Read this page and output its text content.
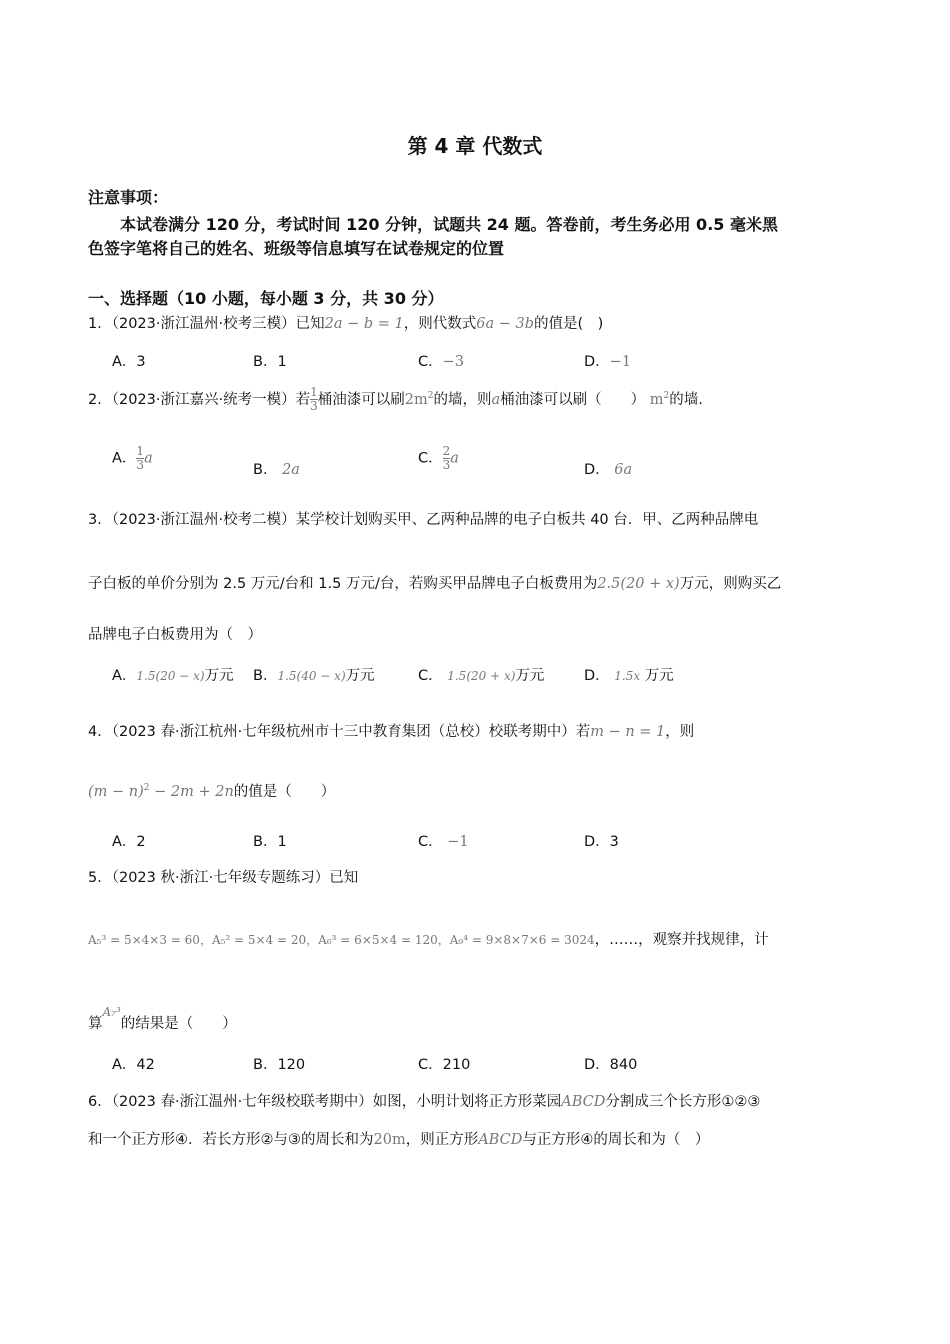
第 4 章 代数式
注意事项：
本试卷满分 120 分，考试时间 120 分钟，试题共 24 题。答卷前，考生务必用 0.5 毫米黑
色签字笔将自己的姓名、班级等信息填写在试卷规定的位置
一、选择题（10 小题，每小题 3 分，共 30 分）
1．（2023·浙江温州·校考三模）已知2a − b = 1，则代数式6a − 3b的值是(　)
A．3	B．1	C．−3	D．−1
2．（2023·浙江嘉兴·统考一模）若 $\frac{1}{3}$ 桶油漆可以刷$2m^2$的墙，则a桶油漆可以刷（　　） $m^2$的墙.
A． $\frac{1}{3}$ a
B． 2a
C． $\frac{2}{3}$ a
D． 6a
3．（2023·浙江温州·校考二模）某学校计划购买甲、乙两种品牌的电子白板共 40 台．甲、乙两种品牌电
子白板的单价分别为 2.5 万元/台和 1.5 万元/台，若购买甲品牌电子白板费用为2.5(20 + x)万元，则购买乙
品牌电子白板费用为（　）
A．1.5(20 − x)万元 B．1.5(40 − x)万元	C． 1.5(20 + x)万元	D． 1.5x 万元
4．（2023 春·浙江杭州·七年级杭州市十三中教育集团（总校）校联考期中）若m − n = 1，则
$(m - n)^2 - 2m + 2n$的值是（　　）
A．2	B．1	C． −1	D．3
5．（2023 秋·浙江·七年级专题练习）已知
A₅³ = 5×4×3 = 60，A₅² = 5×4 = 20，A₆³ = 6×5×4 = 120，A₉⁴ = 9×8×7×6 = 3024，……，观察并找规律，计
算$^{A_7^3}$的结果是（　　）
A．42	B．120	C．210	D．840
6．（2023 春·浙江温州·七年级校联考期中）如图，小明计划将正方形菜园ABCD分割成三个长方形①②③
和一个正方形④．若长方形②与③的周长和为20m，则正方形ABCD与正方形④的周长和为（　）
